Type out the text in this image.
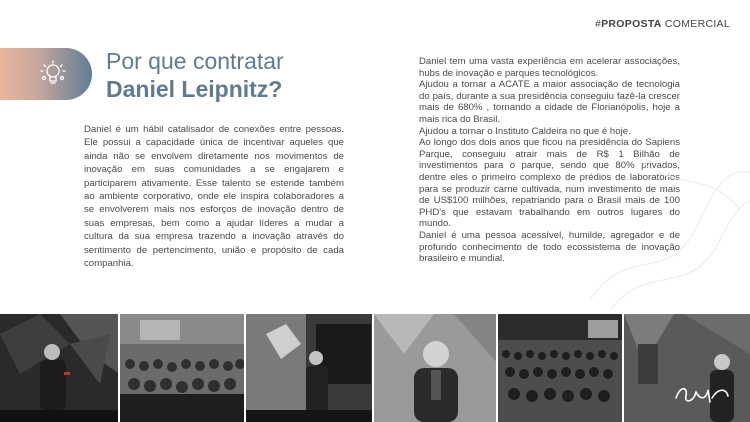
#PROPOSTA COMERCIAL
Por que contratar
Daniel Leipnitz?
Daniel é um hábil catalisador de conexões entre pessoas. Ele possui a capacidade única de incentivar aqueles que ainda não se envolvem diretamente nos movimentos de inovação em suas comunidades a se engajarem e participarem ativamente. Esse talento se estende também ao ambiente corporativo, onde ele inspira colaboradores a se envolverem mais nos esforços de inovação dentro de suas empresas, bem como a ajudar líderes a mudar a cultura da sua empresa trazendo a inovação através do sentimento de pertencimento, união e propósito de cada companhia.

Daniel tem uma vasta experiência em acelerar associações, hubs de inovação e parques tecnológicos.

Ajudou a tornar a ACATE a maior associação de tecnologia do país, durante a sua presidência conseguiu fazê-la crescer mais de 680% , tornando a cidade de Florianópolis, hoje a mais rica do Brasil.

Ajudou a tornar o Instituto Caldeira no que é hoje.

Ao longo dos dois anos que ficou na presidência do Sapiens Parque, conseguiu atrair mais de R$ 1 Bilhão de investimentos para o parque, sendo que 80% privados, dentre eles o primeiro complexo de prédios de laboratórios para se produzir carne cultivada, num investimento de mais de US$100 milhões, repatriando para o Brasil mais de 100 PHD's que estavam trabalhando em outros lugares do mundo.

Daniel é uma pessoa acessível, humilde, agregador e de profundo conhecimento de todo ecossistema de inovação brasileiro e mundial.
